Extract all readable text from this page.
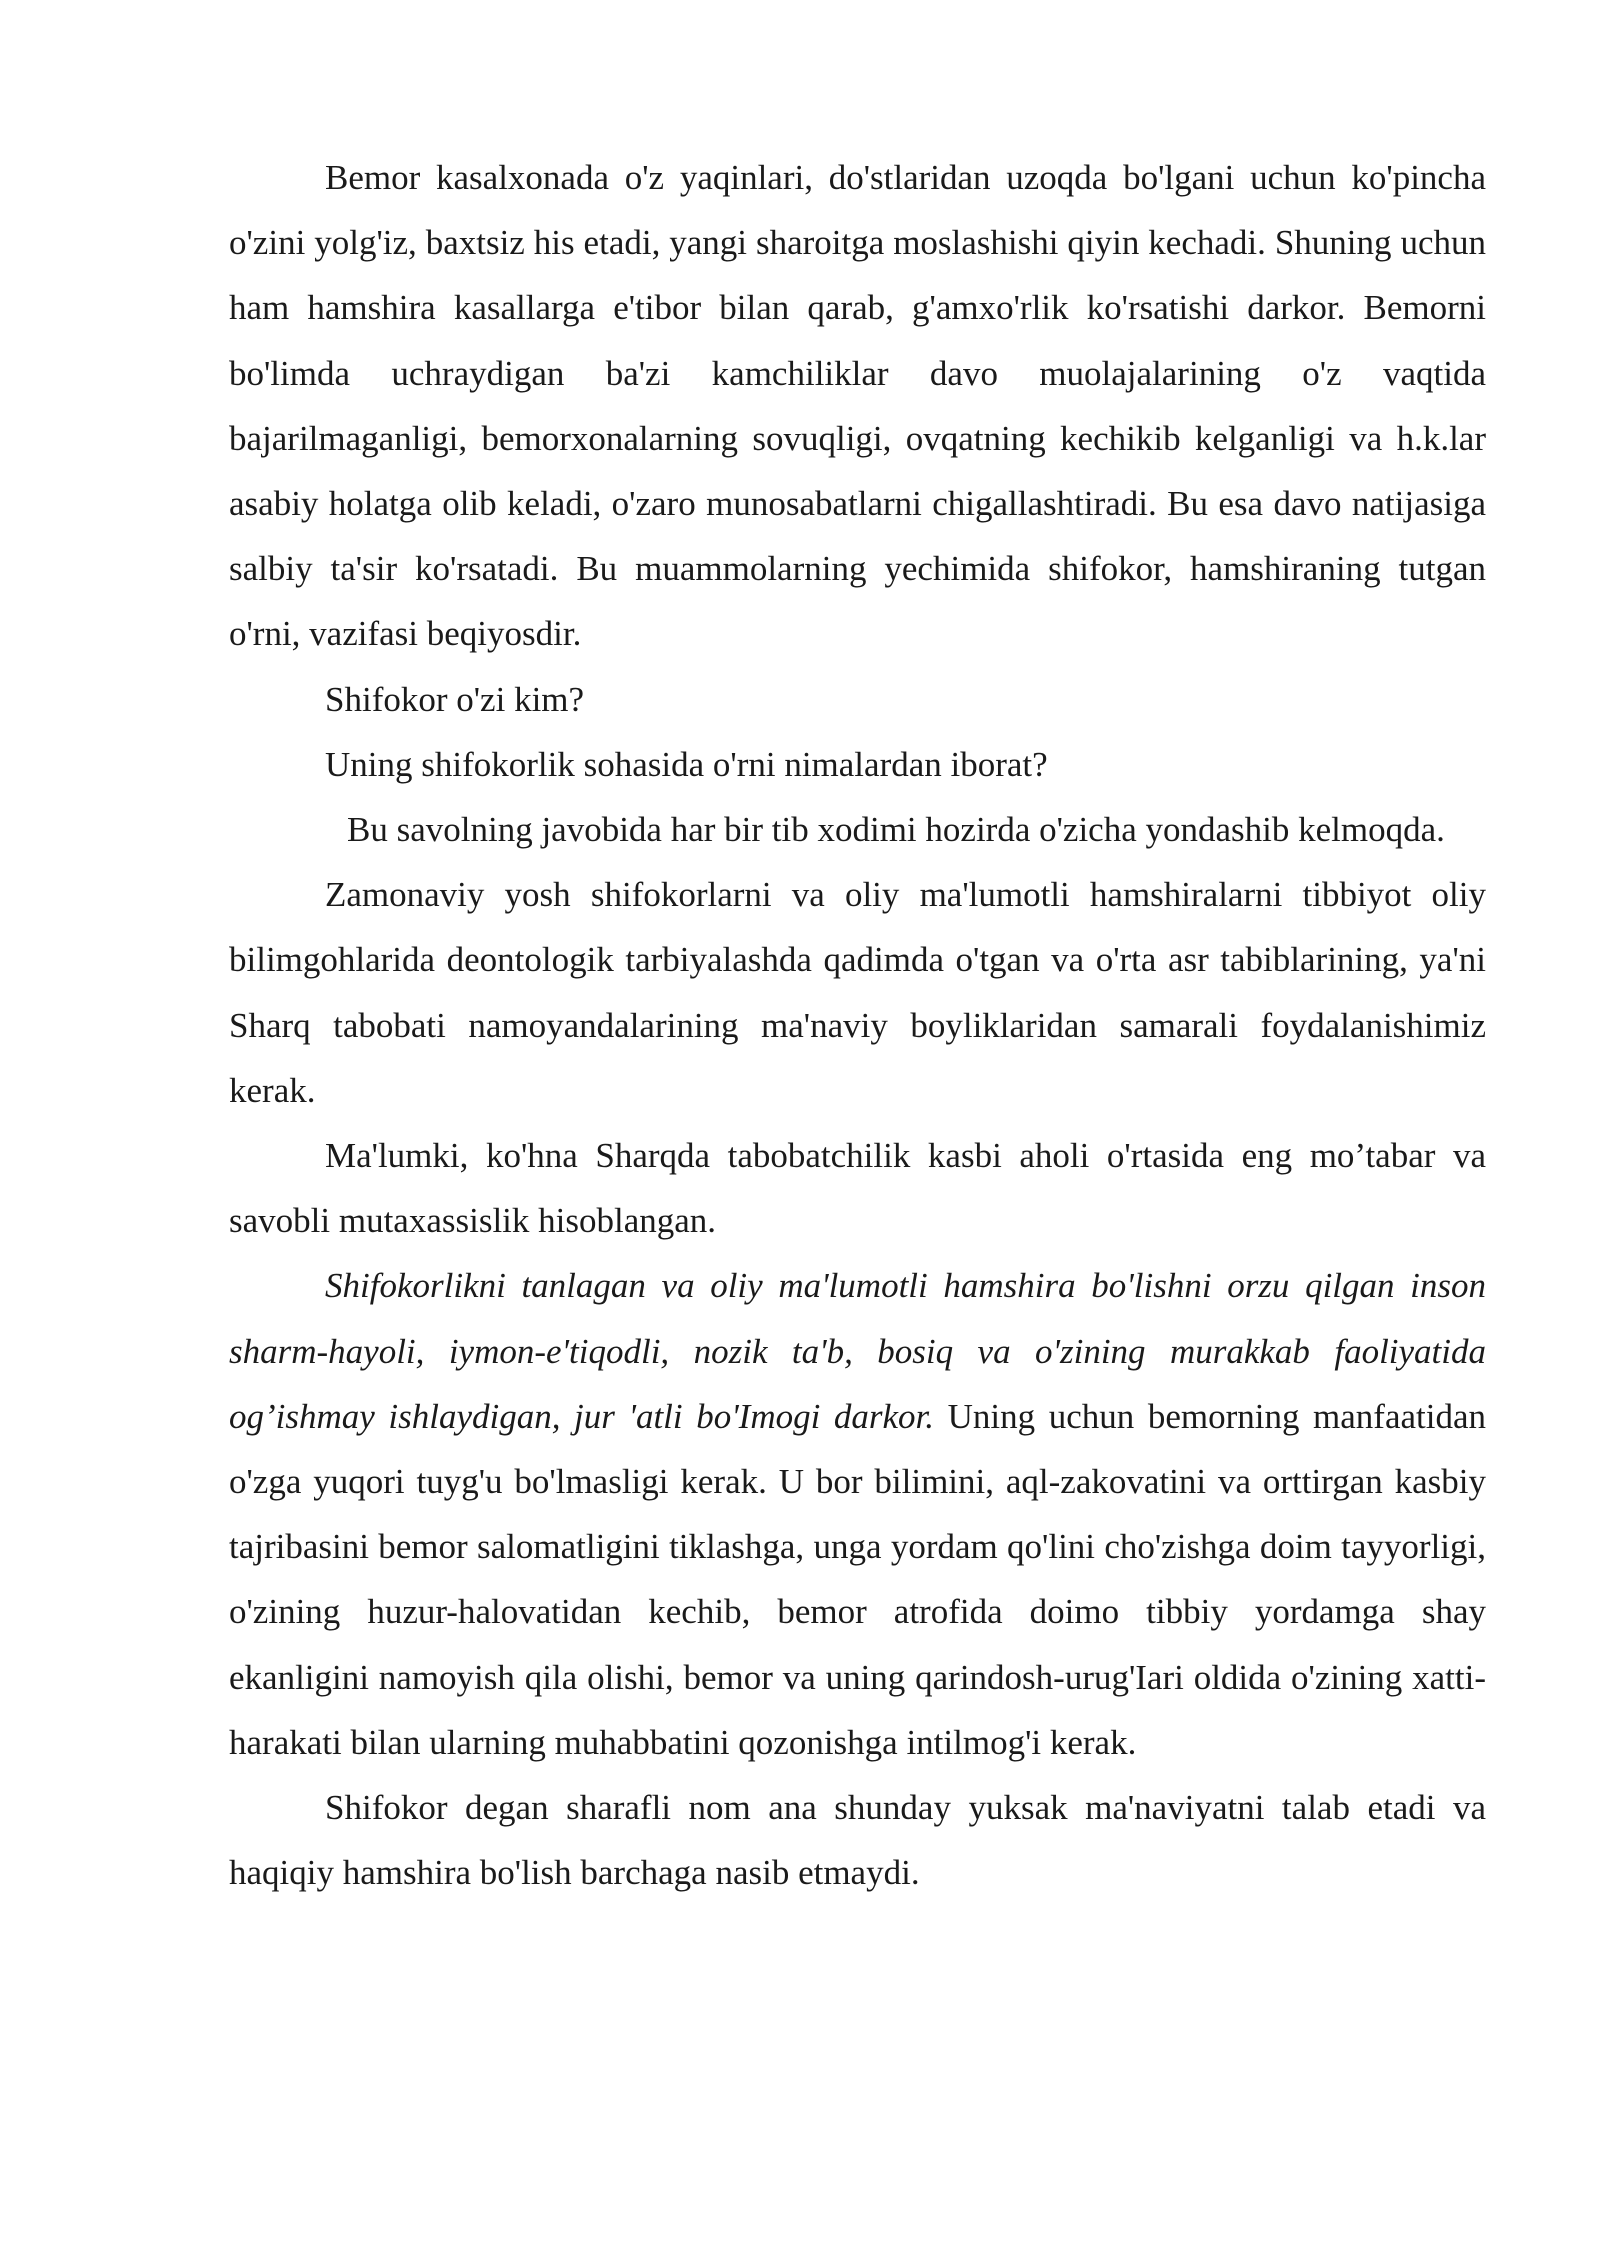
Bemor kasalxonada o'z yaqinlari, do'stlaridan uzoqda bo'lgani uchun ko'pincha o'zini yolg'iz, baxtsiz his etadi, yangi sharoitga moslashishi qiyin kechadi. Shuning uchun ham hamshira kasallarga e'tibor bilan qarab, g'amxo'rlik ko'rsatishi darkor. Bemorni bo'limda uchraydigan ba'zi kamchiliklar davo muolajalarining o'z vaqtida bajarilmaganligi, bemorxonalarning sovuqligi, ovqatning kechikib kelganligi va h.k.lar asabiy holatga olib keladi, o'zaro munosabatlarni chigallashtiradi. Bu esa davo natijasiga salbiy ta'sir ko'rsatadi. Bu muammolarning yechimida shifokor, hamshiraning tutgan o'rni, vazifasi beqiyosdir.

Shifokor o'zi kim?

Uning shifokorlik sohasida o'rni nimalardan iborat?

Bu savolning javobida har bir tib xodimi hozirda o'zicha yondashib kelmoqda.

Zamonaviy yosh shifokorlarni va oliy ma'lumotli hamshiralarni tibbiyot oliy bilimgohlarida deontologik tarbiyalashda qadimda o'tgan va o'rta asr tabiblarining, ya'ni Sharq tabobati namoyandalarining ma'naviy boyliklaridan samarali foydalanishimiz kerak.

Ma'lumki, ko'hna Sharqda tabobatchilik kasbi aholi o'rtasida eng mo’tabar va savobli mutaxassislik hisoblangan.

Shifokorlikni tanlagan va oliy ma'lumotli hamshira bo'lishni orzu qilgan inson sharm-hayoli, iymon-e'tiqodli, nozik ta'b, bosiq va o'zining murakkab faoliyatida og’ishmay ishlaydigan, jur 'atli bo'Imogi darkor. Uning uchun bemorning manfaatidan o'zga yuqori tuyg'u bo'lmasligi kerak. U bor bilimini, aql-zakovatini va orttirgan kasbiy tajribasini bemor salomatligini tiklashga, unga yordam qo'lini cho'zishga doim tayyorligi, o'zining huzur-halovatidan kechib, bemor atrofida doimo tibbiy yordamga shay ekanligini namoyish qila olishi, bemor va uning qarindosh-urug'Iari oldida o'zining xatti-harakati bilan ularning muhabbatini qozonishga intilmog'i kerak.

Shifokor degan sharafli nom ana shunday yuksak ma'naviyatni talab etadi va haqiqiy hamshira bo'lish barchaga nasib etmaydi.
